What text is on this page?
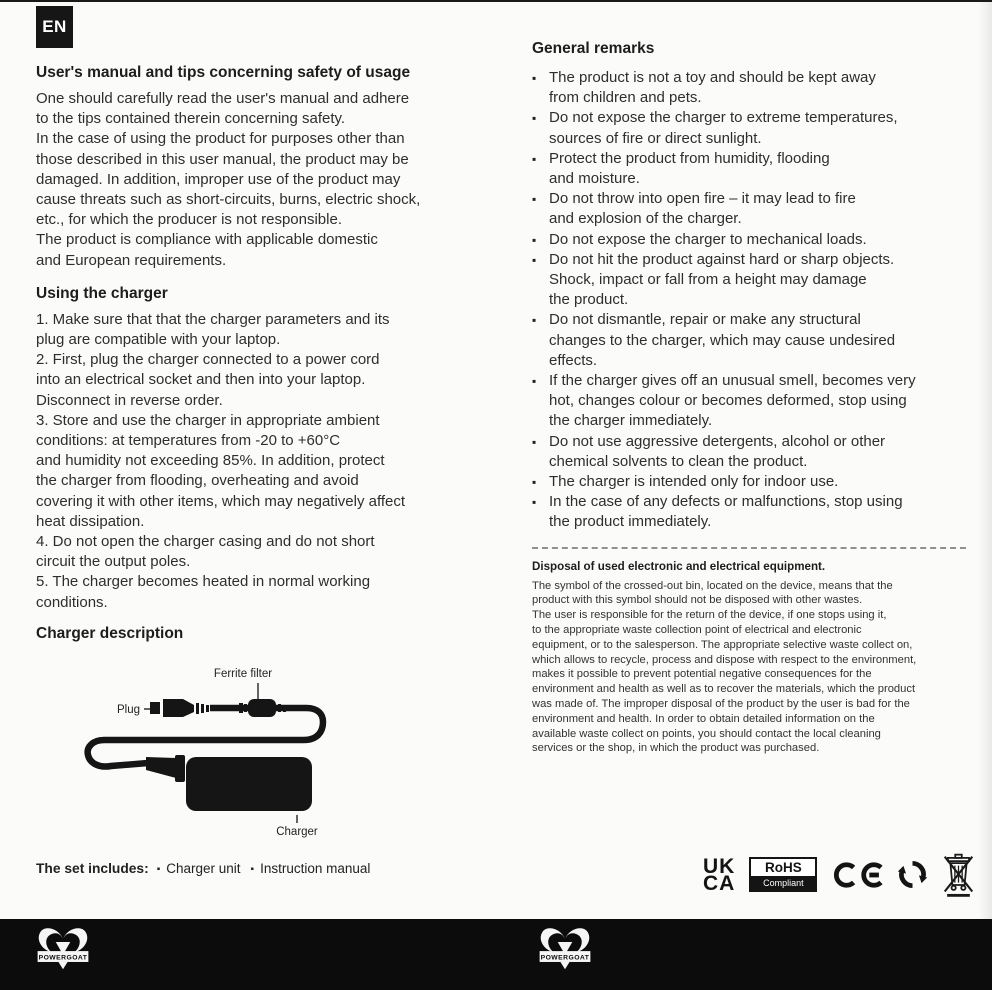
EN
User's manual and tips concerning safety of usage
One should carefully read the user's manual and adhere
to the tips contained therein concerning safety.
In the case of using the product for purposes other than
those described in this user manual, the product may be
damaged. In addition, improper use of the product may
cause threats such as short-circuits, burns, electric shock,
etc., for which the producer is not responsible.
The product is compliance with applicable domestic
and European requirements.
Using the charger
1. Make sure that that the charger parameters and its
plug are compatible with your laptop.
2. First, plug the charger connected to a power cord
into an electrical socket and then into your laptop.
Disconnect in reverse order.
3. Store and use the charger in appropriate ambient
conditions: at temperatures from -20 to +60°C
and humidity not exceeding 85%. In addition, protect
the charger from flooding, overheating and avoid
covering it with other items, which may negatively affect
heat dissipation.
4. Do not open the charger casing and do not short
circuit the output poles.
5. The charger becomes heated in normal working
conditions.
Charger description
Ferrite filter
Plug
Charger
The set includes: ▪ Charger unit ▪ Instruction manual
General remarks
▪ The product is not a toy and should be kept away
from children and pets.
▪ Do not expose the charger to extreme temperatures,
sources of fire or direct sunlight.
▪ Protect the product from humidity, flooding
and moisture.
▪ Do not throw into open fire – it may lead to fire
and explosion of the charger.
▪ Do not expose the charger to mechanical loads.
▪ Do not hit the product against hard or sharp objects.
Shock, impact or fall from a height may damage
the product.
▪ Do not dismantle, repair or make any structural
changes to the charger, which may cause undesired
effects.
▪ If the charger gives off an unusual smell, becomes very
hot, changes colour or becomes deformed, stop using
the charger immediately.
▪ Do not use aggressive detergents, alcohol or other
chemical solvents to clean the product.
▪ The charger is intended only for indoor use.
▪ In the case of any defects or malfunctions, stop using
the product immediately.
Disposal of used electronic and electrical equipment.
The symbol of the crossed-out bin, located on the device, means that the
product with this symbol should not be disposed with other wastes.
The user is responsible for the return of the device, if one stops using it,
to the appropriate waste collection point of electrical and electronic
equipment, or to the salesperson. The appropriate selective waste collect on,
which allows to recycle, process and dispose with respect to the environment,
makes it possible to prevent potential negative consequences for the
environment and health as well as to recover the materials, which the product
was made of. The improper disposal of the product by the user is bad for the
environment and health. In order to obtain detailed information on the
available waste collect on points, you should contact the local cleaning
services or the shop, in which the product was purchased.
UK
CA
RoHS
Compliant
POWERGOAT	POWERGOAT
